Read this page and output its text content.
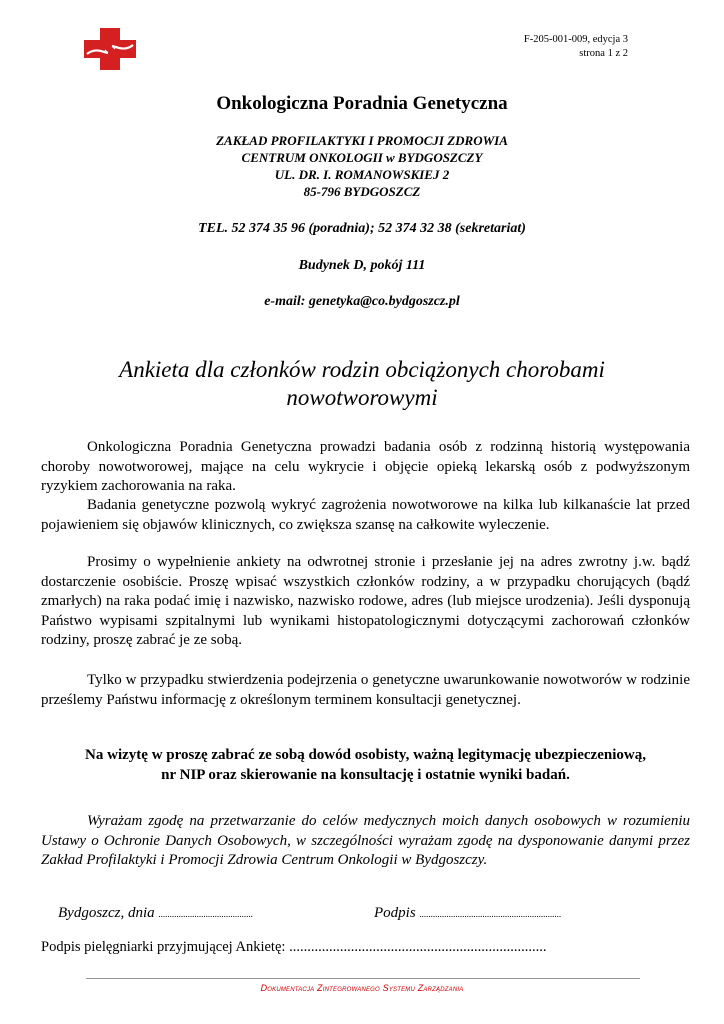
F-205-001-009, edycja 3
strona 1 z 2
Onkologiczna Poradnia Genetyczna
ZAKŁAD PROFILAKTYKI I PROMOCJI ZDROWIA
CENTRUM ONKOLOGII w BYDGOSZCZY
UL. DR. I. ROMANOWSKIEJ 2
85-796 BYDGOSZCZ
TEL. 52 374 35 96 (poradnia); 52 374 32 38 (sekretariat)
Budynek D, pokój 111
e-mail: genetyka@co.bydgoszcz.pl
Ankieta dla członków rodzin obciążonych chorobami
nowotworowymi
Onkologiczna Poradnia Genetyczna prowadzi badania osób z rodzinną historią występowania choroby nowotworowej, mające na celu wykrycie i objęcie opieką lekarską osób z podwyższonym ryzykiem zachorowania na raka.
Badania genetyczne pozwolą wykryć zagrożenia nowotworowe na kilka lub kilkanaście lat przed pojawieniem się objawów klinicznych, co zwiększa szansę na całkowite wyleczenie.
Prosimy o wypełnienie ankiety na odwrotnej stronie i przesłanie jej na adres zwrotny j.w. bądź dostarczenie osobiście. Proszę wpisać wszystkich członków rodziny, a w przypadku chorujących (bądź zmarłych) na raka podać imię i nazwisko, nazwisko rodowe, adres (lub miejsce urodzenia). Jeśli dysponują Państwo wypisami szpitalnymi lub wynikami histopatologicznymi dotyczącymi zachorowań członków rodziny, proszę zabrać je ze sobą.
Tylko w przypadku stwierdzenia podejrzenia o genetyczne uwarunkowanie nowotworów w rodzinie prześlemy Państwu informację z określonym terminem konsultacji genetycznej.
Na wizytę w proszę zabrać ze sobą dowód osobisty, ważną legitymację ubezpieczeniową,
nr NIP oraz skierowanie na konsultację i ostatnie wyniki badań.
Wyrażam zgodę na przetwarzanie do celów medycznych moich danych osobowych w rozumieniu Ustawy o Ochronie Danych Osobowych, w szczególności wyrażam zgodę na dysponowanie danymi przez Zakład Profilaktyki i Promocji Zdrowia Centrum Onkologii w Bydgoszczy.
Bydgoszcz, dnia ..........................................	Podpis ...............................................................
Podpis pielęgniarki przyjmującej Ankietę: .......................................................................
Dokumentacja Zintegrowanego Systemu Zarządzania
